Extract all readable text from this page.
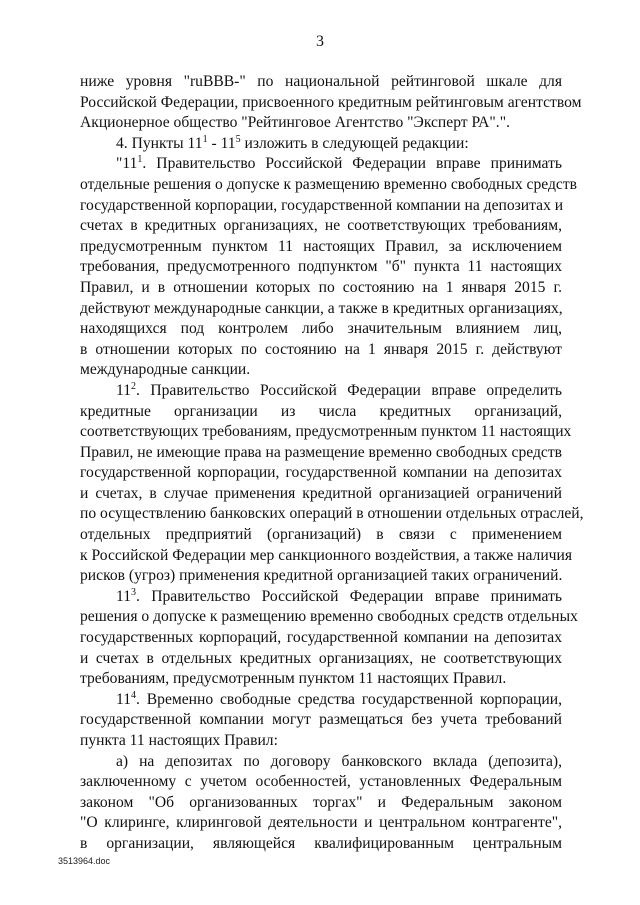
3
ниже уровня "ruBBB-" по национальной рейтинговой шкале для
Российской Федерации, присвоенного кредитным рейтинговым агентством
Акционерное общество "Рейтинговое Агентство "Эксперт РА".".
4. Пункты $11^1 - 11^5$ изложить в следующей редакции:
"$11^1$. Правительство Российской Федерации вправе принимать
отдельные решения о допуске к размещению временно свободных средств
государственной корпорации, государственной компании на депозитах и
счетах в кредитных организациях, не соответствующих требованиям,
предусмотренным пунктом 11 настоящих Правил, за исключением
требования, предусмотренного подпунктом "б" пункта 11 настоящих
Правил, и в отношении которых по состоянию на 1 января 2015 г.
действуют международные санкции, а также в кредитных организациях,
находящихся под контролем либо значительным влиянием лиц,
в отношении которых по состоянию на 1 января 2015 г. действуют
международные санкции.
$11^2$. Правительство Российской Федерации вправе определить
кредитные организации из числа кредитных организаций,
соответствующих требованиям, предусмотренным пунктом 11 настоящих
Правил, не имеющие права на размещение временно свободных средств
государственной корпорации, государственной компании на депозитах
и счетах, в случае применения кредитной организацией ограничений
по осуществлению банковских операций в отношении отдельных отраслей,
отдельных предприятий (организаций) в связи с применением
к Российской Федерации мер санкционного воздействия, а также наличия
рисков (угроз) применения кредитной организацией таких ограничений.
$11^3$. Правительство Российской Федерации вправе принимать
решения о допуске к размещению временно свободных средств отдельных
государственных корпораций, государственной компании на депозитах
и счетах в отдельных кредитных организациях, не соответствующих
требованиям, предусмотренным пунктом 11 настоящих Правил.
$11^4$. Временно свободные средства государственной корпорации,
государственной компании могут размещаться без учета требований
пункта 11 настоящих Правил:
а) на депозитах по договору банковского вклада (депозита),
заключенному с учетом особенностей, установленных Федеральным
законом "Об организованных торгах" и Федеральным законом
"О клиринге, клиринговой деятельности и центральном контрагенте",
в организации, являющейся квалифицированным центральным
3513964.doc
